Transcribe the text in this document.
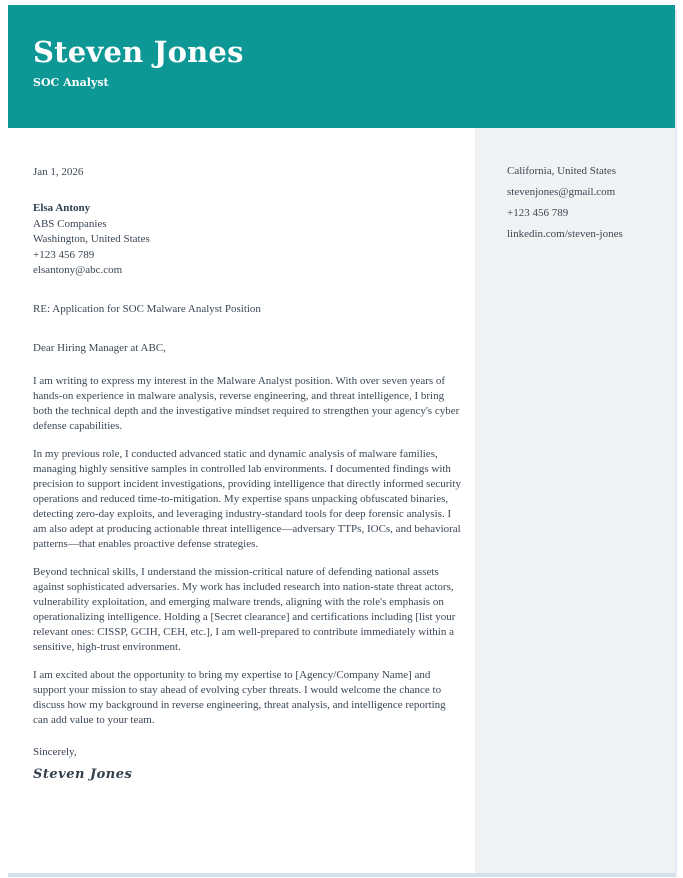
Steven Jones
SOC Analyst
Jan 1, 2026
Elsa Antony
ABS Companies
Washington, United States
+123 456 789
elsantony@abc.com
RE: Application for SOC Malware Analyst Position
Dear Hiring Manager at ABC,

I am writing to express my interest in the Malware Analyst position. With over seven years of hands-on experience in malware analysis, reverse engineering, and threat intelligence, I bring both the technical depth and the investigative mindset required to strengthen your agency's cyber defense capabilities.

In my previous role, I conducted advanced static and dynamic analysis of malware families, managing highly sensitive samples in controlled lab environments. I documented findings with precision to support incident investigations, providing intelligence that directly informed security operations and reduced time-to-mitigation. My expertise spans unpacking obfuscated binaries, detecting zero-day exploits, and leveraging industry-standard tools for deep forensic analysis. I am also adept at producing actionable threat intelligence—adversary TTPs, IOCs, and behavioral patterns—that enables proactive defense strategies.

Beyond technical skills, I understand the mission-critical nature of defending national assets against sophisticated adversaries. My work has included research into nation-state threat actors, vulnerability exploitation, and emerging malware trends, aligning with the role's emphasis on operationalizing intelligence. Holding a [Secret clearance] and certifications including [list your relevant ones: CISSP, GCIH, CEH, etc.], I am well-prepared to contribute immediately within a sensitive, high-trust environment.

I am excited about the opportunity to bring my expertise to [Agency/Company Name] and support your mission to stay ahead of evolving cyber threats. I would welcome the chance to discuss how my background in reverse engineering, threat analysis, and intelligence reporting can add value to your team.

Sincerely,
Steven Jones
California, United States
stevenjones@gmail.com
+123 456 789
linkedin.com/steven-jones
